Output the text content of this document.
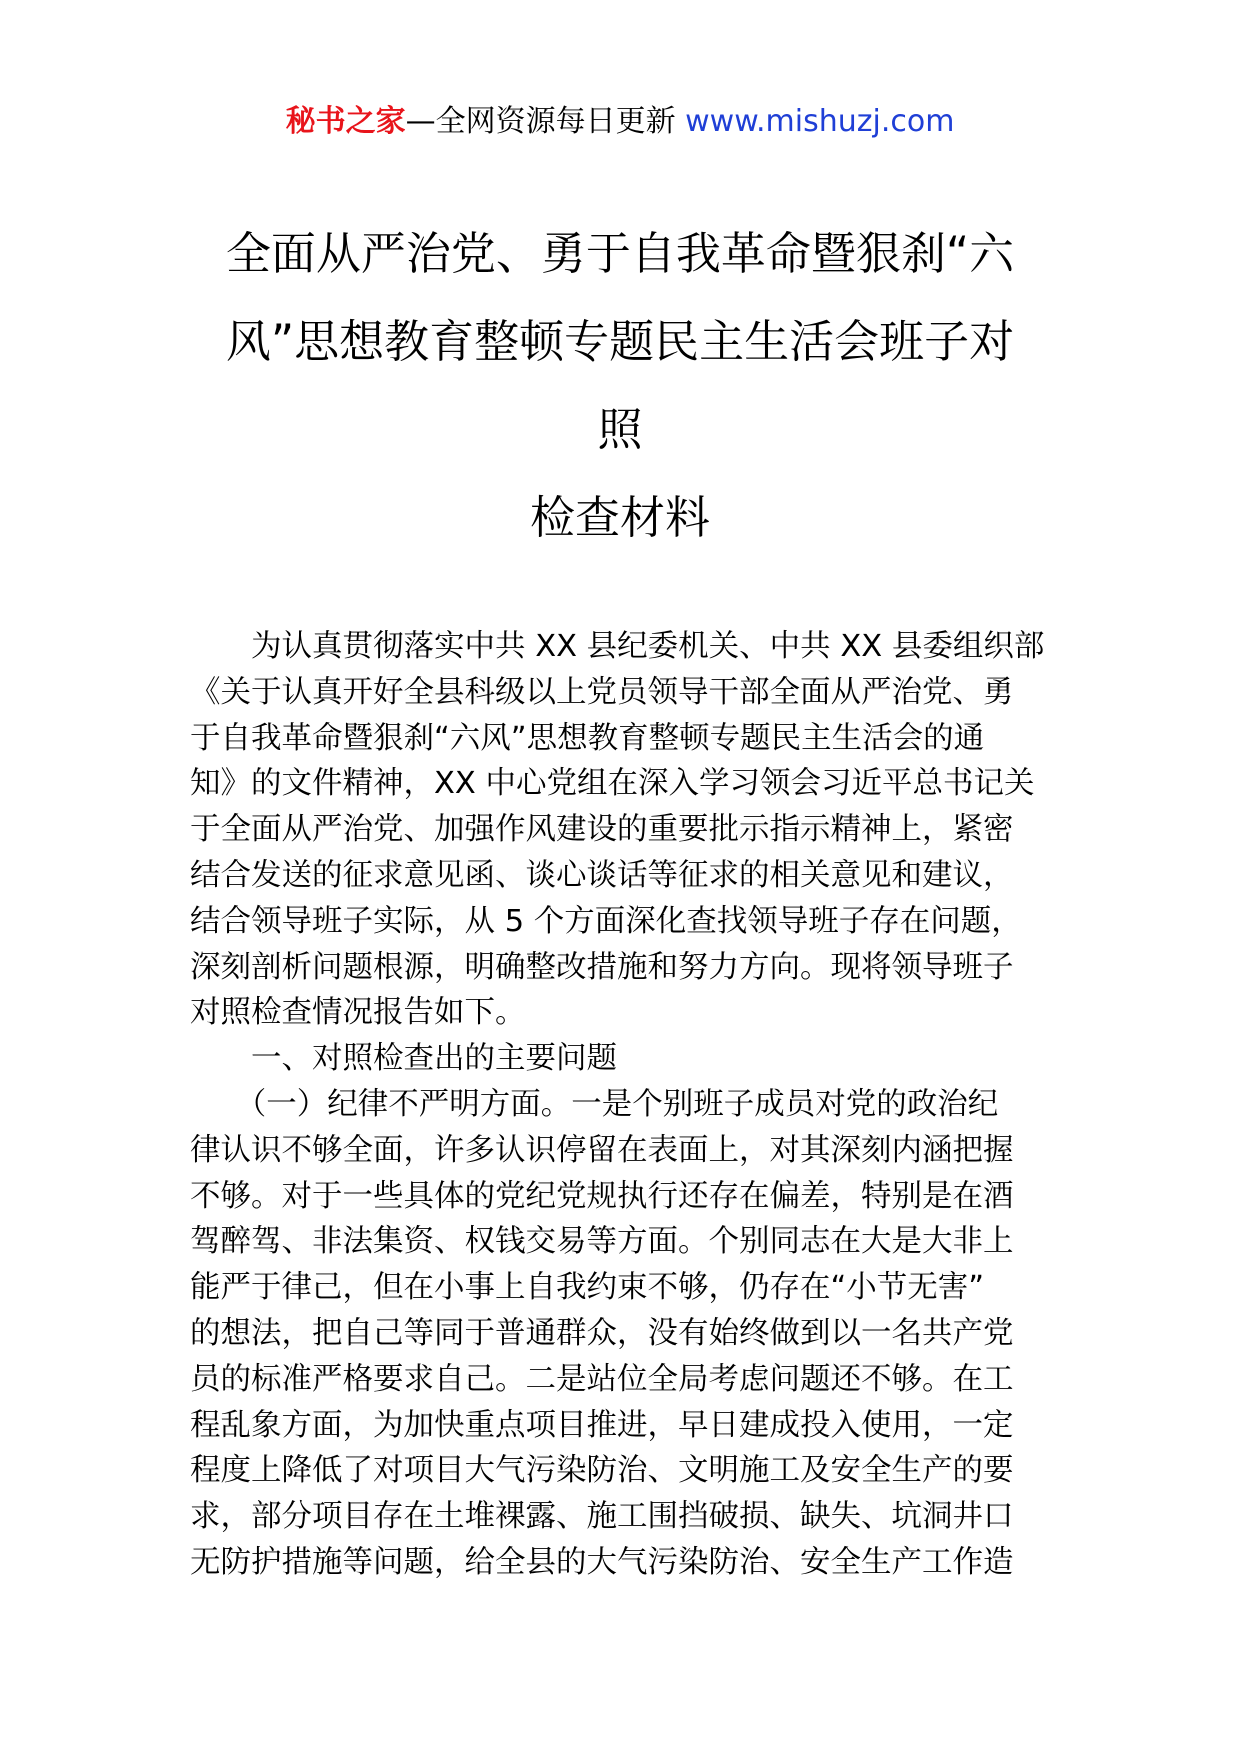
秘书之家—全网资源每日更新 www.mishuzj.com
全面从严治党、勇于自我革命暨狠刹“六
风”思想教育整顿专题民主生活会班子对
照
检查材料
　　为认真贯彻落实中共 XX 县纪委机关、中共 XX 县委组织部
《关于认真开好全县科级以上党员领导干部全面从严治党、勇
于自我革命暨狠刹“六风”思想教育整顿专题民主生活会的通
知》的文件精神，XX 中心党组在深入学习领会习近平总书记关
于全面从严治党、加强作风建设的重要批示指示精神上，紧密
结合发送的征求意见函、谈心谈话等征求的相关意见和建议，
结合领导班子实际，从 5 个方面深化查找领导班子存在问题，
深刻剖析问题根源，明确整改措施和努力方向。现将领导班子
对照检查情况报告如下。
　　一、对照检查出的主要问题
　　（一）纪律不严明方面。一是个别班子成员对党的政治纪
律认识不够全面，许多认识停留在表面上，对其深刻内涵把握
不够。对于一些具体的党纪党规执行还存在偏差，特别是在酒
驾醉驾、非法集资、权钱交易等方面。个别同志在大是大非上
能严于律己，但在小事上自我约束不够，仍存在“小节无害”
的想法，把自己等同于普通群众，没有始终做到以一名共产党
员的标准严格要求自己。二是站位全局考虑问题还不够。在工
程乱象方面，为加快重点项目推进，早日建成投入使用，一定
程度上降低了对项目大气污染防治、文明施工及安全生产的要
求，部分项目存在土堆裸露、施工围挡破损、缺失、坑洞井口
无防护措施等问题，给全县的大气污染防治、安全生产工作造
